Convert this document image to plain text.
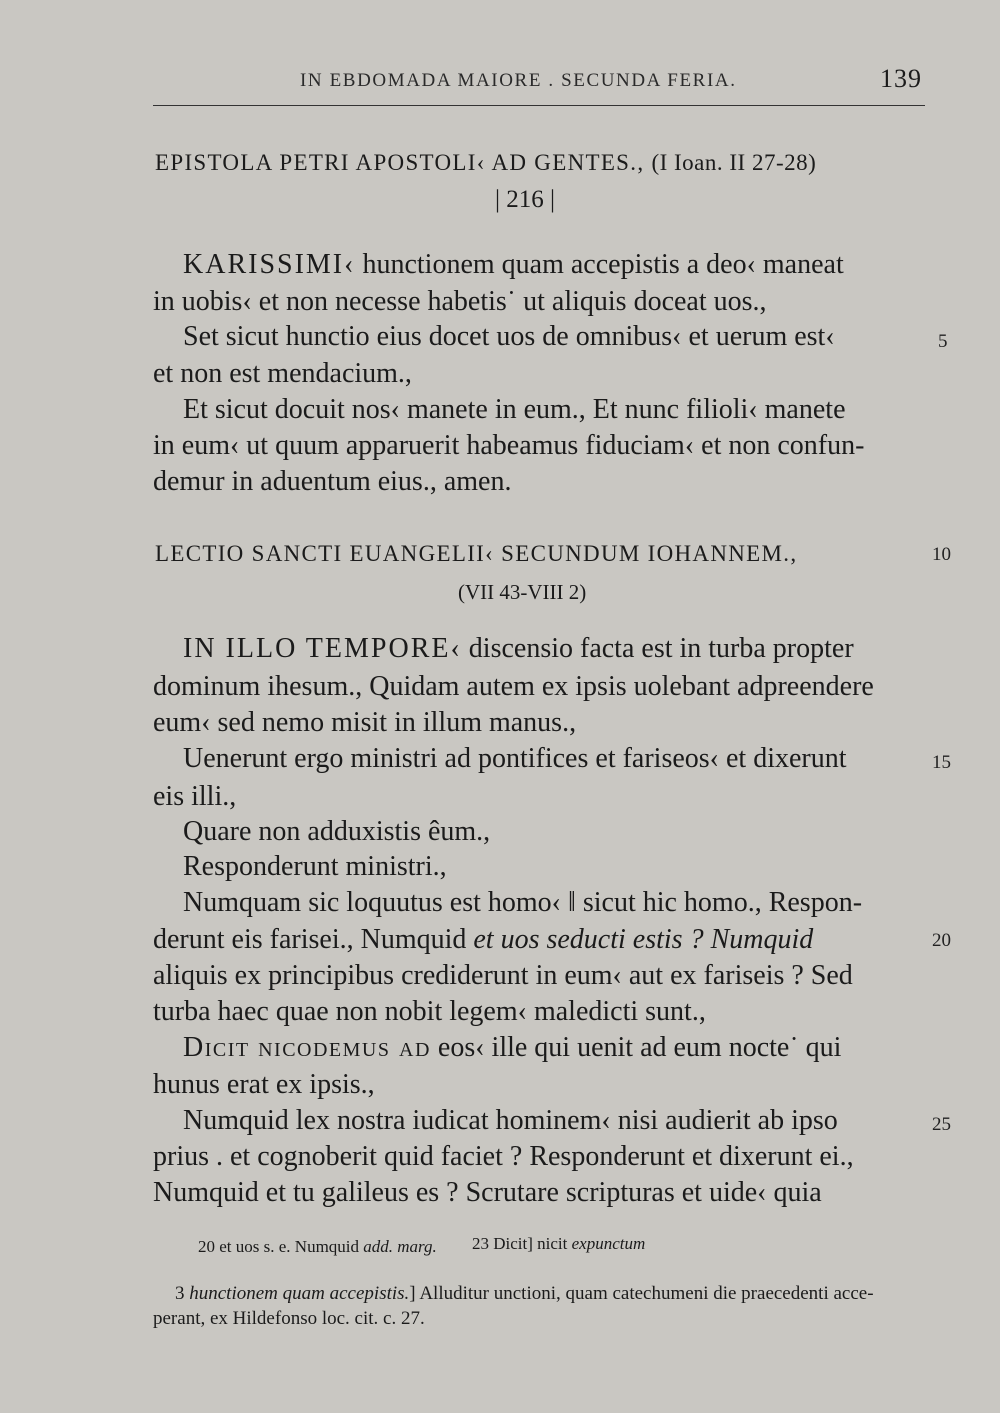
IN EBDOMADA MAIORE . SECUNDA FERIA.	139
EPISTOLA PETRI APOSTOLI‹ AD GENTES., (I Ioan. II 27-28)
| 216 |
KARISSIMI‹ hunctionem quam accepistis a deo‹ maneat
in uobis‹ et non necesse habetis˙ ut aliquis doceat uos.,
Set sicut hunctio eius docet uos de omnibus‹ et uerum est‹	5
et non est mendacium.,
Et sicut docuit nos‹ manete in eum., Et nunc filioli‹ manete
in eum‹ ut quum apparuerit habeamus fiduciam‹ et non confun-
demur in aduentum eius., amen.
LECTIO SANCTI EUANGELII‹ SECUNDUM IOHANNEM.,	10
(VII 43-VIII 2)
IN ILLO TEMPORE‹ discensio facta est in turba propter
dominum ihesum., Quidam autem ex ipsis uolebant adpreendere
eum‹ sed nemo misit in illum manus.,
Uenerunt ergo ministri ad pontifices et fariseos‹ et dixerunt	15
eis illi.,
Quare non adduxistis êum.,
Responderunt ministri.,
Numquam sic loquutus est homo‹ ‖ sicut hic homo., Respon-
derunt eis farisei., Numquid et uos seducti estis ? Numquid	20
aliquis ex principibus crediderunt in eum‹ aut ex fariseis ? Sed
turba haec quae non nobit legem‹ maledicti sunt.,
Dicit nicodemus ad eos‹ ille qui uenit ad eum nocte˙ qui
hunus erat ex ipsis.,
Numquid lex nostra iudicat hominem‹ nisi audierit ab ipso	25
prius . et cognoberit quid faciet ? Responderunt et dixerunt ei.,
Numquid et tu galileus es ? Scrutare scripturas et uide‹ quia
20 et uos s. e. Numquid add. marg. 23 Dicit] nicit expunctum
3 hunctionem quam accepistis.] Alluditur unctioni, quam catechumeni die praecedenti acce-
perant, ex Hildefonso loc. cit. c. 27.
